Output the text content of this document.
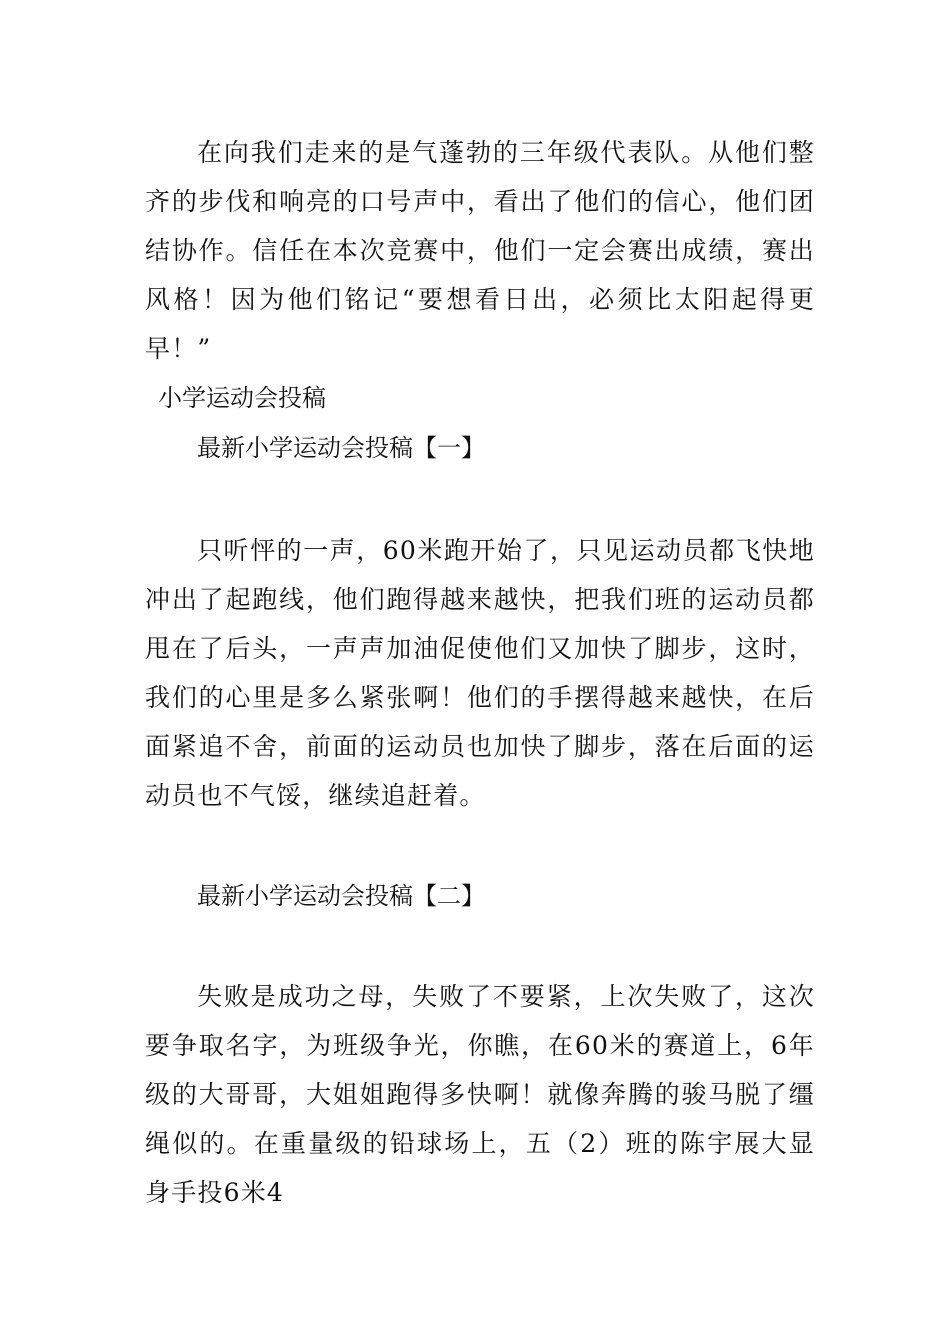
在向我们走来的是气蓬勃的三年级代表队。从他们整齐的步伐和响亮的口号声中，看出了他们的信心，他们团结协作。信任在本次竞赛中，他们一定会赛出成绩，赛出风格！因为他们铭记“要想看日出，必须比太阳起得更早！”

小学运动会投稿
最新小学运动会投稿【一】

只听怦的一声，60米跑开始了，只见运动员都飞快地冲出了起跑线，他们跑得越来越快，把我们班的运动员都甩在了后头，一声声加油促使他们又加快了脚步，这时，我们的心里是多么紧张啊！他们的手摆得越来越快，在后面紧追不舍，前面的运动员也加快了脚步，落在后面的运动员也不气馁，继续追赶着。

最新小学运动会投稿【二】

失败是成功之母，失败了不要紧，上次失败了，这次要争取名字，为班级争光，你瞧，在60米的赛道上，6年级的大哥哥，大姐姐跑得多快啊！就像奔腾的骏马脱了缰绳似的。在重量级的铅球场上，五（2）班的陈宇展大显身手投6米4
